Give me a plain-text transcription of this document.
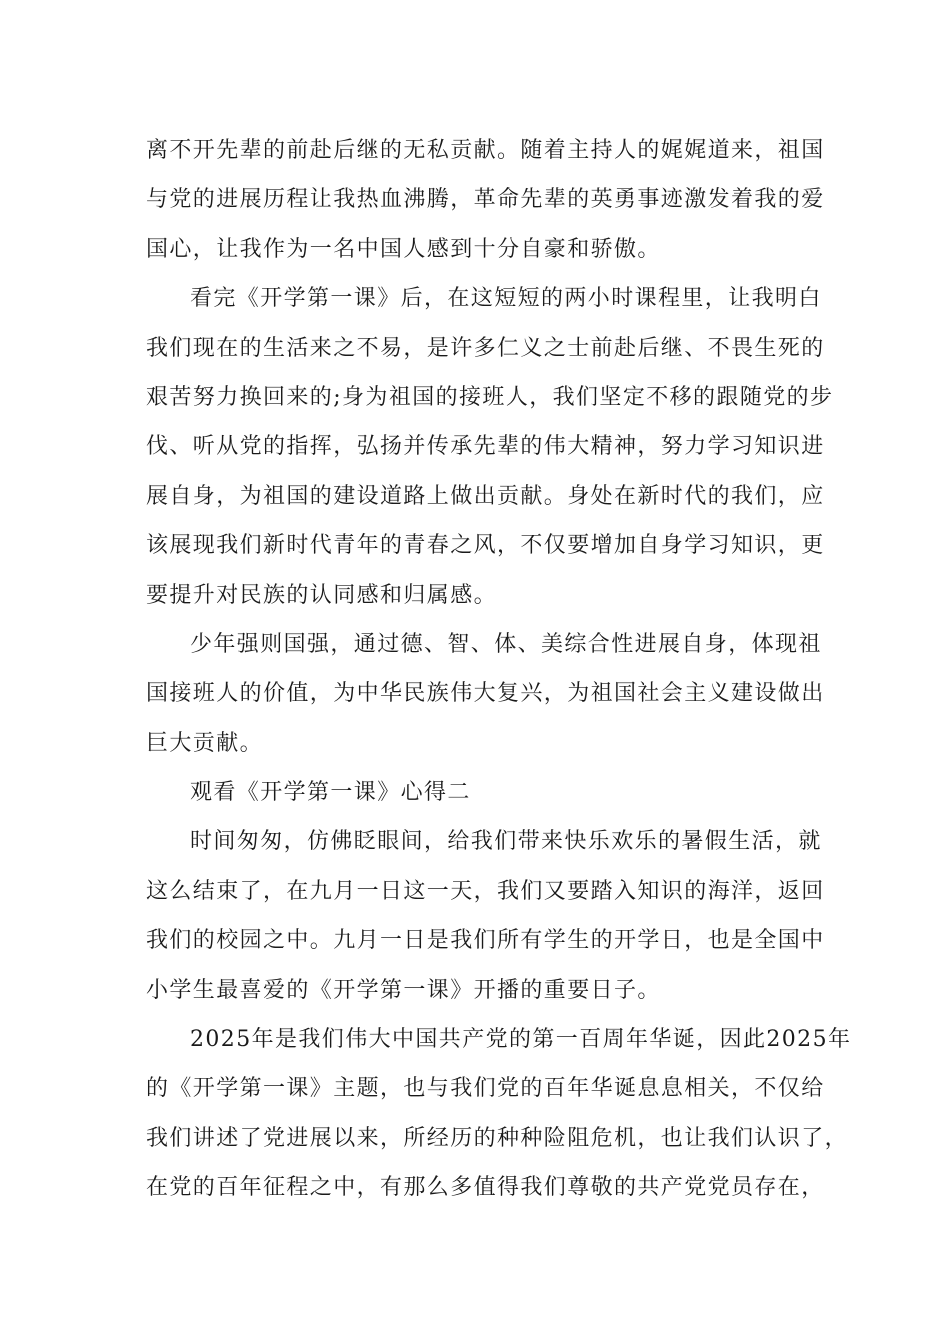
离不开先辈的前赴后继的无私贡献。随着主持人的娓娓道来，祖国
与党的进展历程让我热血沸腾，革命先辈的英勇事迹激发着我的爱
国心，让我作为一名中国人感到十分自豪和骄傲。
看完《开学第一课》后，在这短短的两小时课程里，让我明白
我们现在的生活来之不易，是许多仁义之士前赴后继、不畏生死的
艰苦努力换回来的;身为祖国的接班人，我们坚定不移的跟随党的步
伐、听从党的指挥，弘扬并传承先辈的伟大精神，努力学习知识进
展自身，为祖国的建设道路上做出贡献。身处在新时代的我们，应
该展现我们新时代青年的青春之风，不仅要增加自身学习知识，更
要提升对民族的认同感和归属感。
少年强则国强，通过德、智、体、美综合性进展自身，体现祖
国接班人的价值，为中华民族伟大复兴，为祖国社会主义建设做出
巨大贡献。
观看《开学第一课》心得二
时间匆匆，仿佛眨眼间，给我们带来快乐欢乐的暑假生活，就
这么结束了，在九月一日这一天，我们又要踏入知识的海洋，返回
我们的校园之中。九月一日是我们所有学生的开学日，也是全国中
小学生最喜爱的《开学第一课》开播的重要日子。
2025年是我们伟大中国共产党的第一百周年华诞，因此2025年
的《开学第一课》主题，也与我们党的百年华诞息息相关，不仅给
我们讲述了党进展以来，所经历的种种险阻危机，也让我们认识了，
在党的百年征程之中，有那么多值得我们尊敬的共产党党员存在，
